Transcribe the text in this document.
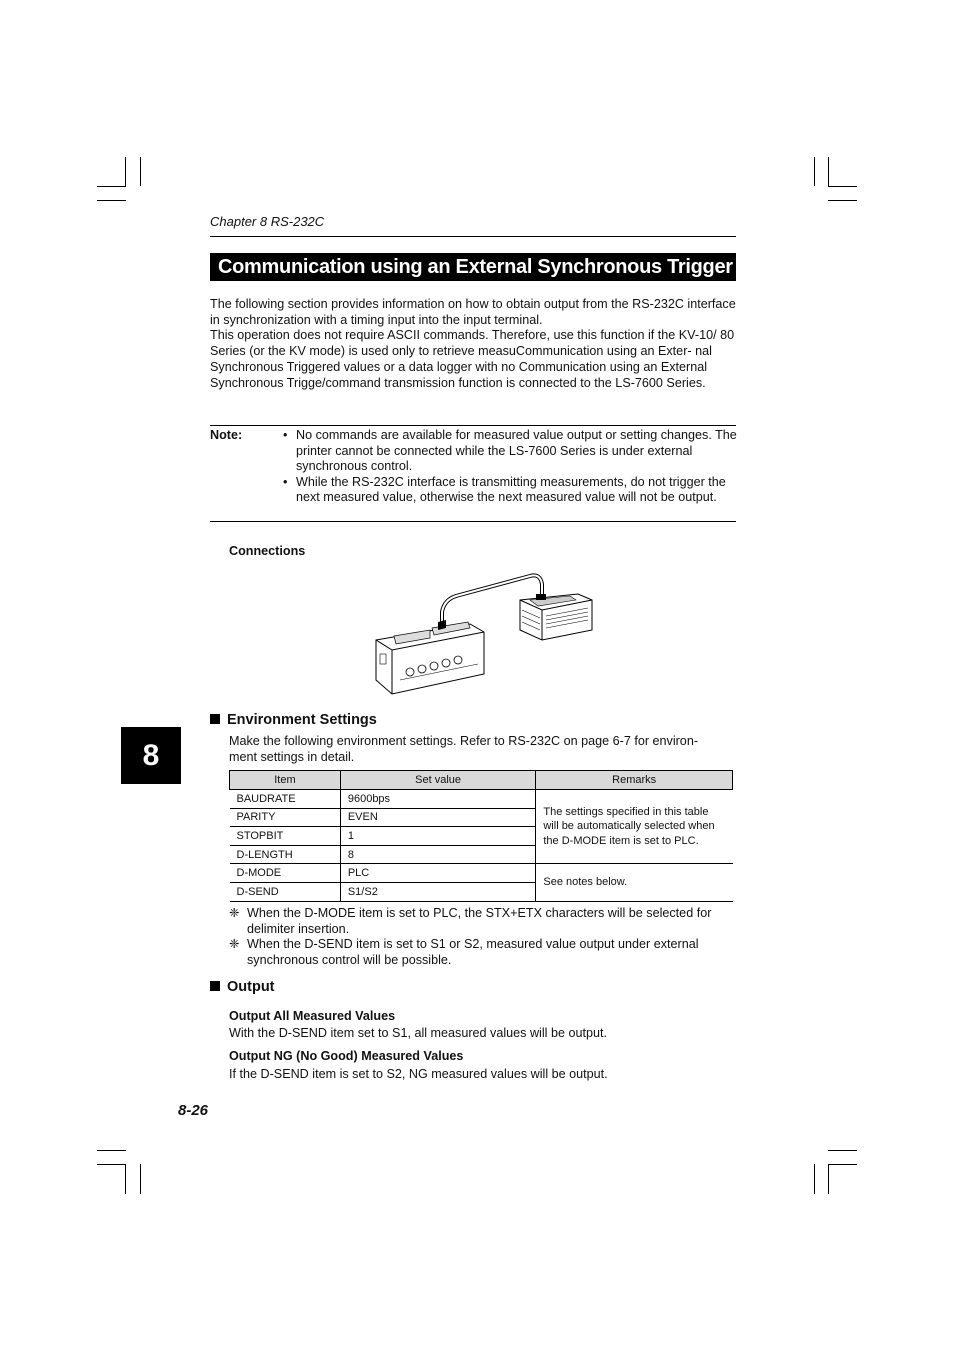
Chapter 8 RS-232C
Communication using an External Synchronous Trigger

The following section provides information on how to obtain output from the RS-232C interface in synchronization with a timing input into the input terminal.

This operation does not require ASCII commands. Therefore, use this function if the KV-10/ 80 Series (or the KV mode) is used only to retrieve measuCommunication using an Exter- nal Synchronous Triggered values or a data logger with no Communication using an External Synchronous Trigge/command transmission function is connected to the LS-7600 Series.

Note:	• No commands are available for measured value output or setting changes. The printer cannot be connected while the LS-7600 Series is under external synchronous control.
• While the RS-232C interface is transmitting measurements, do not trigger the next measured value, otherwise the next measured value will not be output.
Connections
Environment Settings
Make the following environment settings. Refer to RS-232C on page 6-7 for environ- ment settings in detail.
Item	Set value	Remarks
BAUDRATE	9600bps	The settings specified in this table will be automatically selected when the D-MODE item is set to PLC.
PARITY	EVEN	
STOPBIT	1	
D-LENGTH	8	
D-MODE	PLC	See notes below.
D-SEND	S1/S2	
❈ When the D-MODE item is set to PLC, the STX+ETX characters will be selected for delimiter insertion.
❈ When the D-SEND item is set to S1 or S2, measured value output under external synchronous control will be possible.
Output
Output All Measured Values
With the D-SEND item set to S1, all measured values will be output.
Output NG (No Good) Measured Values
If the D-SEND item is set to S2, NG measured values will be output.
8
8-26
